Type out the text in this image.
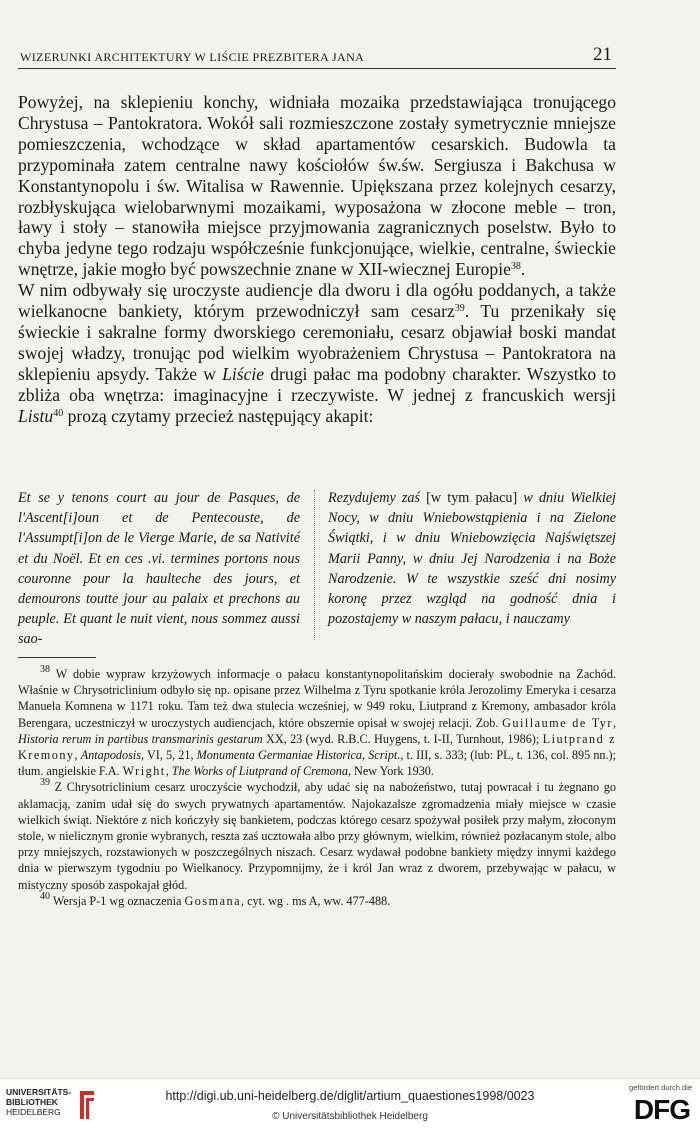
WIZERUNKI ARCHITEKTURY W LIŚCIE PREZBITERA JANA	21

Powyżej, na sklepieniu konchy, widniała mozaika przedstawiająca tronującego Chrystusa – Pantokratora. Wokół sali rozmieszczone zostały symetrycznie mniejsze pomieszczenia, wchodzące w skład apartamentów cesarskich. Budowla ta przypominała zatem centralne nawy kościołów św.św. Sergiusza i Bakchusa w Konstantynopolu i św. Witalisa w Rawennie. Upiększana przez kolejnych cesarzy, rozbłyskująca wielobarwnymi mozaikami, wyposażona w złocone meble – tron, ławy i stoły – stanowiła miejsce przyjmowania zagranicznych poselstw. Było to chyba jedyne tego rodzaju współcześnie funkcjonujące, wielkie, centralne, świeckie wnętrze, jakie mogło być powszechnie znane w XII-wiecznej Europie$^{38}$.

W nim odbywały się uroczyste audiencje dla dworu i dla ogółu poddanych, a także wielkanocne bankiety, którym przewodniczył sam cesarz$^{39}$. Tu przenikały się świeckie i sakralne formy dworskiego ceremoniału, cesarz objawiał boski mandat swojej władzy, tronując pod wielkim wyobrażeniem Chrystusa – Pantokratora na sklepieniu apsydy. Także w Liście drugi pałac ma podobny charakter. Wszystko to zbliża oba wnętrza: imaginacyjne i rzeczywiste. W jednej z francuskich wersji Listu$^{40}$ prozą czytamy przecież następujący akapit:

Et se y tenons court au jour de Pasques, de l'Ascent[i]oun et de Pentecouste, de l'Assumpt[i]on de le Vierge Marie, de sa Nativité et du Noël. Et en ces .vi. termines portons nous couronne pour la haulteche des jours, et demourons toutte jour au palaix et prechons au peuple. Et quant le nuit vient, nous sommez aussi sao-
Rezydujemy zaś [w tym pałacu] w dniu Wielkiej Nocy, w dniu Wniebowstąpienia i na Zielone Świątki, i w dniu Wniebowzięcia Najświętszej Marii Panny, w dniu Jej Narodzenia i na Boże Narodzenie. W te wszystkie sześć dni nosimy koronę przez wzgląd na godność dnia i pozostajemy w naszym pałacu, i nauczamy

$^{38}$ W dobie wypraw krzyżowych informacje o pałacu konstantynopolitańskim docierały swobodnie na Zachód. Właśnie w Chrysotriclinium odbyło się np. opisane przez Wilhelma z Tyru spotkanie króla Jerozolimy Emeryka i cesarza Manuela Komnena w 1171 roku. Tam też dwa stulecia wcześniej, w 949 roku, Liutprand z Kremony, ambasador króla Berengara, uczestniczył w uroczystych audiencjach, które obszernie opisał w swojej relacji. Zob. Guillaume de Tyr, Historia rerum in partibus transmarinis gestarum XX, 23 (wyd. R.B.C. Huygens, t. I-II, Turnhout, 1986); Liutprand z Kremony, Antapodosis, VI, 5, 21, Monumenta Germaniae Historica, Script., t. III, s. 333; (lub: PL, t. 136, col. 895 nn.); tłum. angielskie F.A. Wright, The Works of Liutprand of Cremona, New York 1930.

$^{39}$ Z Chrysotriclinium cesarz uroczyście wychodził, aby udać się na nabożeństwo, tutaj powracał i tu żegnano go aklamacją, zanim udał się do swych prywatnych apartamentów. Najokazalsze zgromadzenia miały miejsce w czasie wielkich świąt. Niektóre z nich kończyły się bankietem, podczas którego cesarz spożywał posiłek przy małym, złoconym stole, w nielicznym gronie wybranych, reszta zaś ucztowała albo przy głównym, wielkim, również pozłacanym stole, albo przy mniejszych, rozstawionych w poszczególnych niszach. Cesarz wydawał podobne bankiety między innymi każdego dnia w pierwszym tygodniu po Wielkanocy. Przypomnijmy, że i król Jan wraz z dworem, przebywając w pałacu, w mistyczny sposób zaspokajał głód.

$^{40}$ Wersja P-1 wg oznaczenia Gosmana, cyt. wg . ms A, ww. 477-488.

UNIVERSITÄTS-
BIBLIOTHEK
HEIDELBERG
http://digi.ub.uni-heidelberg.de/diglit/artium_quaestiones1998/0023
© Universitätsbibliothek Heidelberg
gefördert durch die
DFG
